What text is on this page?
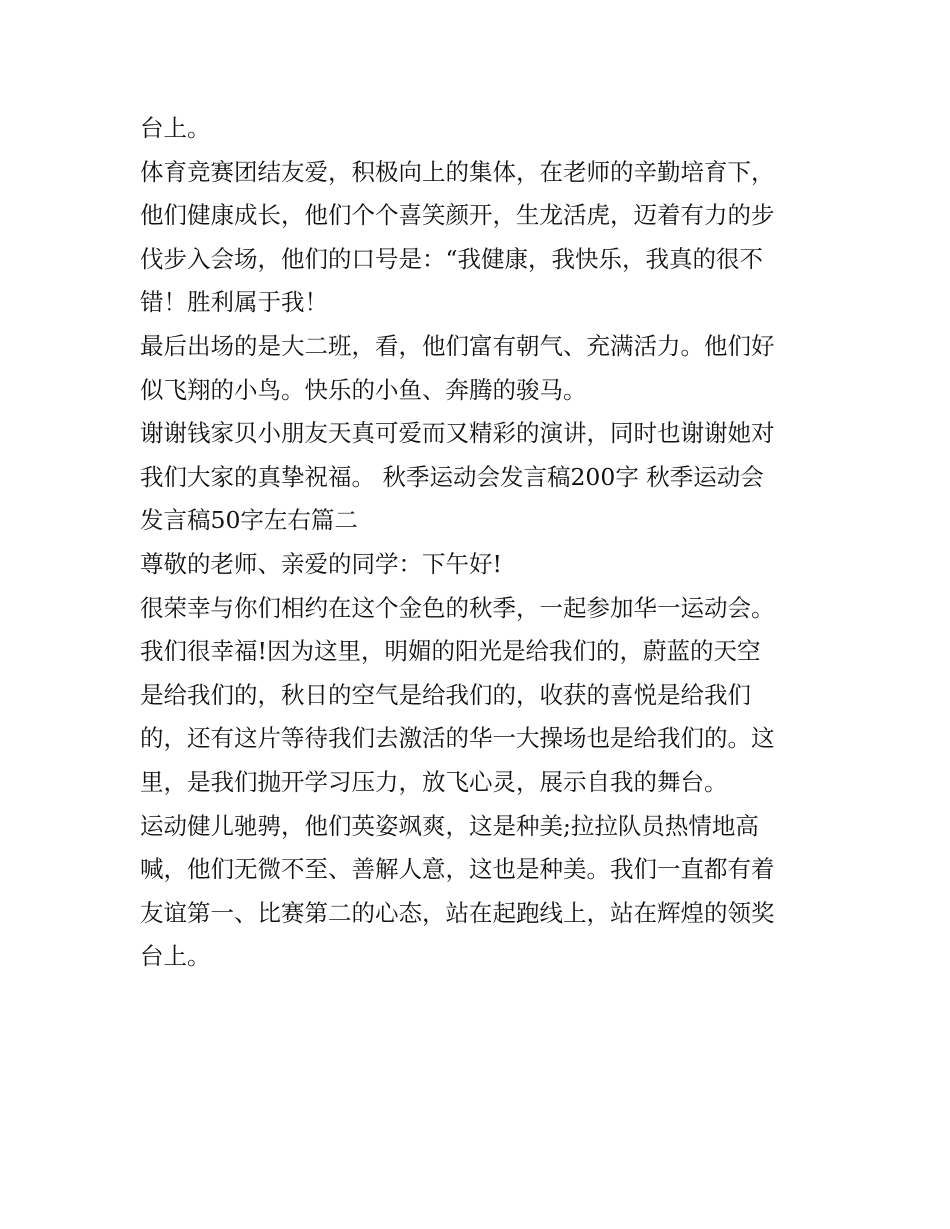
台上。
体育竞赛团结友爱，积极向上的集体，在老师的辛勤培育下，
他们健康成长，他们个个喜笑颜开，生龙活虎，迈着有力的步
伐步入会场，他们的口号是：“我健康，我快乐，我真的很不
错！胜利属于我！
最后出场的是大二班，看，他们富有朝气、充满活力。他们好
似飞翔的小鸟。快乐的小鱼、奔腾的骏马。
谢谢钱家贝小朋友天真可爱而又精彩的演讲，同时也谢谢她对
我们大家的真挚祝福。 秋季运动会发言稿200字 秋季运动会
发言稿50字左右篇二
尊敬的老师、亲爱的同学：下午好!
很荣幸与你们相约在这个金色的秋季，一起参加华一运动会。
我们很幸福!因为这里，明媚的阳光是给我们的，蔚蓝的天空
是给我们的，秋日的空气是给我们的，收获的喜悦是给我们
的，还有这片等待我们去激活的华一大操场也是给我们的。这
里，是我们抛开学习压力，放飞心灵，展示自我的舞台。
运动健儿驰骋，他们英姿飒爽，这是种美;拉拉队员热情地高
喊，他们无微不至、善解人意，这也是种美。我们一直都有着
友谊第一、比赛第二的心态，站在起跑线上，站在辉煌的领奖
台上。
